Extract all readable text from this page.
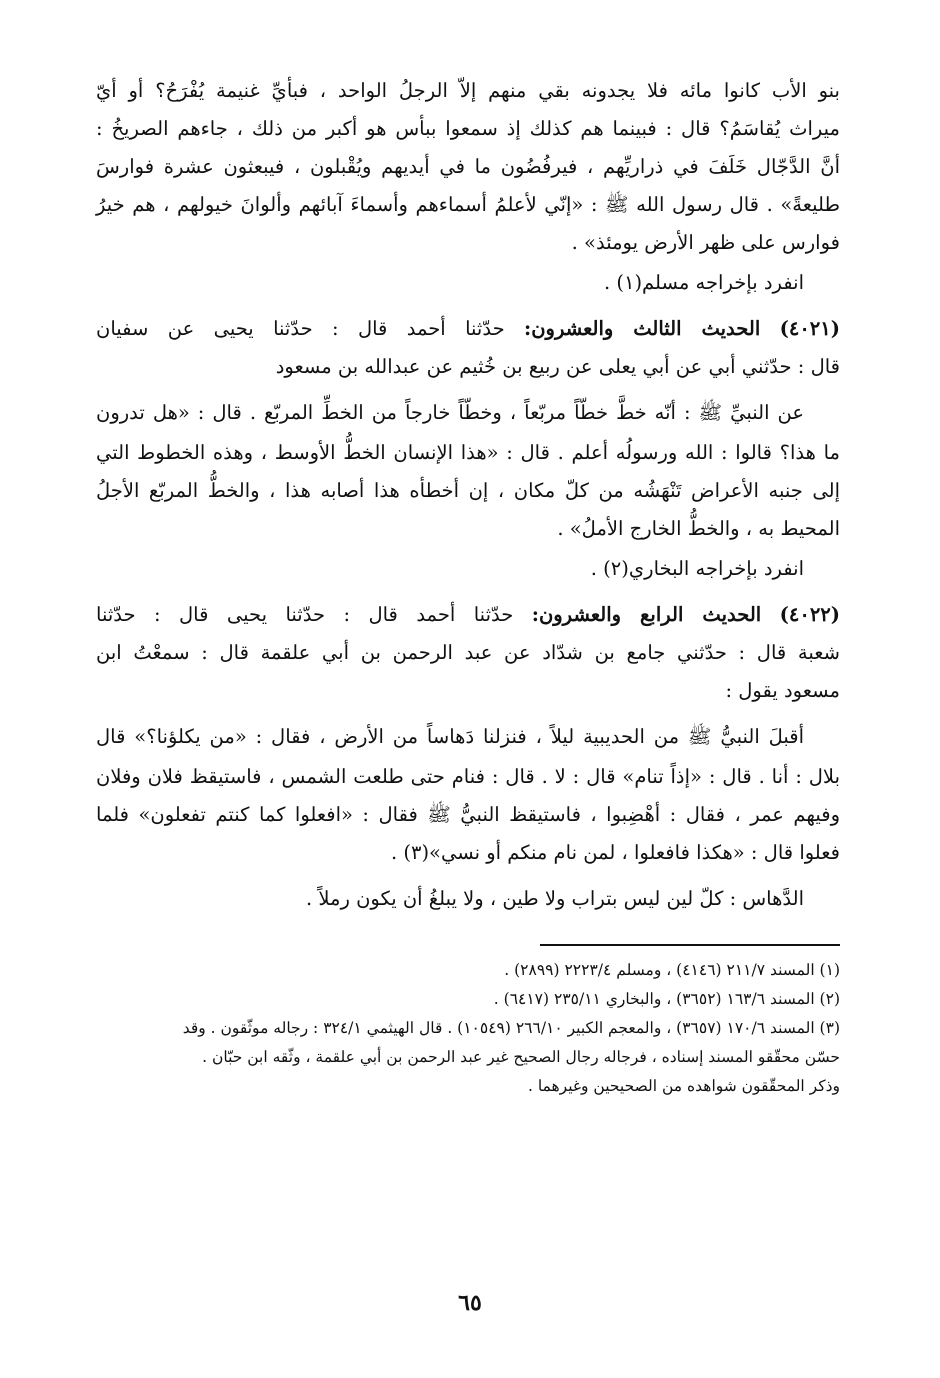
بنو الأب كانوا مائه فلا يجدونه بقي منهم إلاّ الرجلُ الواحد ، فبأيِّ غنيمة يُفْرَحُ؟ أو أيّ
ميراث يُقاسَمُ؟ قال : فبينما هم كذلك إذ سمعوا ببأس هو أكبر من ذلك ، جاءهم الصريخُ :
أنَّ الدَّجّال خَلَفَ في ذراريِّهم ، فيرفُضُون ما في أيديهم ويُقْبلون ، فيبعثون عشرة فوارسَ
طليعةً» . قال رسول الله ﷺ : «إنّي لأعلمُ أسماءهم وأسماءَ آبائهم وألوانَ خيولهم ، هم خيرُ
فوارس على ظهر الأرض يومئذ» .

انفرد بإخراجه مسلم(١) .

(٤٠٢١) الحديث الثالث والعشرون: حدّثنا أحمد قال : حدّثنا يحيى عن سفيان
قال : حدّثني أبي عن أبي يعلى عن ربيع بن خُثيم عن عبدالله بن مسعود

عن النبيِّ ﷺ : أنّه خطَّ خطّاً مربّعاً ، وخطّاً خارجاً من الخطِّ المربّع . قال : «هل تدرون

ما هذا؟ قالوا : الله ورسولُه أعلم . قال : «هذا الإنسان الخطُّ الأوسط ، وهذه الخطوط التي
إلى جنبه الأعراض تَنْهَشُه من كلّ مكان ، إن أخطأه هذا أصابه هذا ، والخطُّ المربّع الأجلُ
المحيط به ، والخطُّ الخارج الأملُ» .

انفرد بإخراجه البخاري(٢) .

(٤٠٢٢) الحديث الرابع والعشرون: حدّثنا أحمد قال : حدّثنا يحيى قال : حدّثنا
شعبة قال : حدّثني جامع بن شدّاد عن عبد الرحمن بن أبي علقمة قال : سمعْتُ ابن
مسعود يقول :

أقبلَ النبيُّ ﷺ من الحديبية ليلاً ، فنزلنا دَهاساً من الأرض ، فقال : «من يكلؤنا؟» قال

بلال : أنا . قال : «إذاً تنام» قال : لا . قال : فنام حتى طلعت الشمس ، فاستيقظ فلان وفلان
وفيهم عمر ، فقال : أهْضِبوا ، فاستيقظ النبيُّ ﷺ فقال : «افعلوا كما كنتم تفعلون» فلما
فعلوا قال : «هكذا فافعلوا ، لمن نام منكم أو نسي»(٣) .

الدَّهاس : كلّ لين ليس بتراب ولا طين ، ولا يبلغُ أن يكون رملاً .

(١) المسند ٢١١/٧ (٤١٤٦) ، ومسلم ٢٢٢٣/٤ (٢٨٩٩) .
(٢) المسند ١٦٣/٦ (٣٦٥٢) ، والبخاري ٢٣٥/١١ (٦٤١٧) .
(٣) المسند ١٧٠/٦ (٣٦٥٧) ، والمعجم الكبير ٢٦٦/١٠ (١٠٥٤٩) . قال الهيثمي ٣٢٤/١ : رجاله موثّقون . وقد
حسّن محقّقو المسند إسناده ، فرجاله رجال الصحيح غير عبد الرحمن بن أبي علقمة ، وثّقه ابن حبّان .
وذكر المحقّقون شواهده من الصحيحين وغيرهما .
٦٥
